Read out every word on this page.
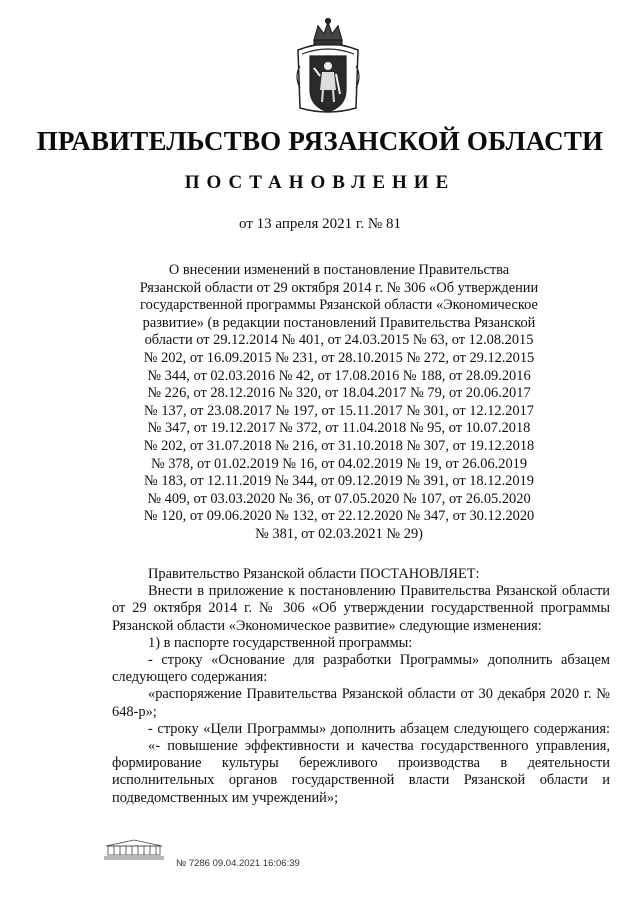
ПРАВИТЕЛЬСТВО РЯЗАНСКОЙ ОБЛАСТИ
ПОСТАНОВЛЕНИЕ
от 13 апреля 2021 г. № 81
О внесении изменений в постановление Правительства
Рязанской области от 29 октября 2014 г. № 306 «Об утверждении
государственной программы Рязанской области «Экономическое
развитие» (в редакции постановлений Правительства Рязанской
области от 29.12.2014 № 401, от 24.03.2015 № 63, от 12.08.2015
№ 202, от 16.09.2015 № 231, от 28.10.2015 № 272, от 29.12.2015
№ 344, от 02.03.2016 № 42, от 17.08.2016 № 188, от 28.09.2016
№ 226, от 28.12.2016 № 320, от 18.04.2017 № 79, от 20.06.2017
№ 137, от 23.08.2017 № 197, от 15.11.2017 № 301, от 12.12.2017
№ 347, от 19.12.2017 № 372, от 11.04.2018 № 95, от 10.07.2018
№ 202, от 31.07.2018 № 216, от 31.10.2018 № 307, от 19.12.2018
№ 378, от 01.02.2019 № 16, от 04.02.2019 № 19, от 26.06.2019
№ 183, от 12.11.2019 № 344, от 09.12.2019 № 391, от 18.12.2019
№ 409, от 03.03.2020 № 36, от 07.05.2020 № 107, от 26.05.2020
№ 120, от 09.06.2020 № 132, от 22.12.2020 № 347, от 30.12.2020
№ 381, от 02.03.2021 № 29)

Правительство Рязанской области ПОСТАНОВЛЯЕТ:

Внести в приложение к постановлению Правительства Рязанской области от 29 октября 2014 г. № 306 «Об утверждении государственной программы Рязанской области «Экономическое развитие» следующие изменения:

1) в паспорте государственной программы:

- строку «Основание для разработки Программы» дополнить абзацем следующего содержания:

«распоряжение Правительства Рязанской области от 30 декабря 2020 г. № 648-р»;

- строку «Цели Программы» дополнить абзацем следующего содержания:

«- повышение эффективности и качества государственного управления, формирование культуры бережливого производства в деятельности исполнительных органов государственной власти Рязанской области и подведомственных им учреждений»;

№ 7286 09.04.2021 16:06:39
